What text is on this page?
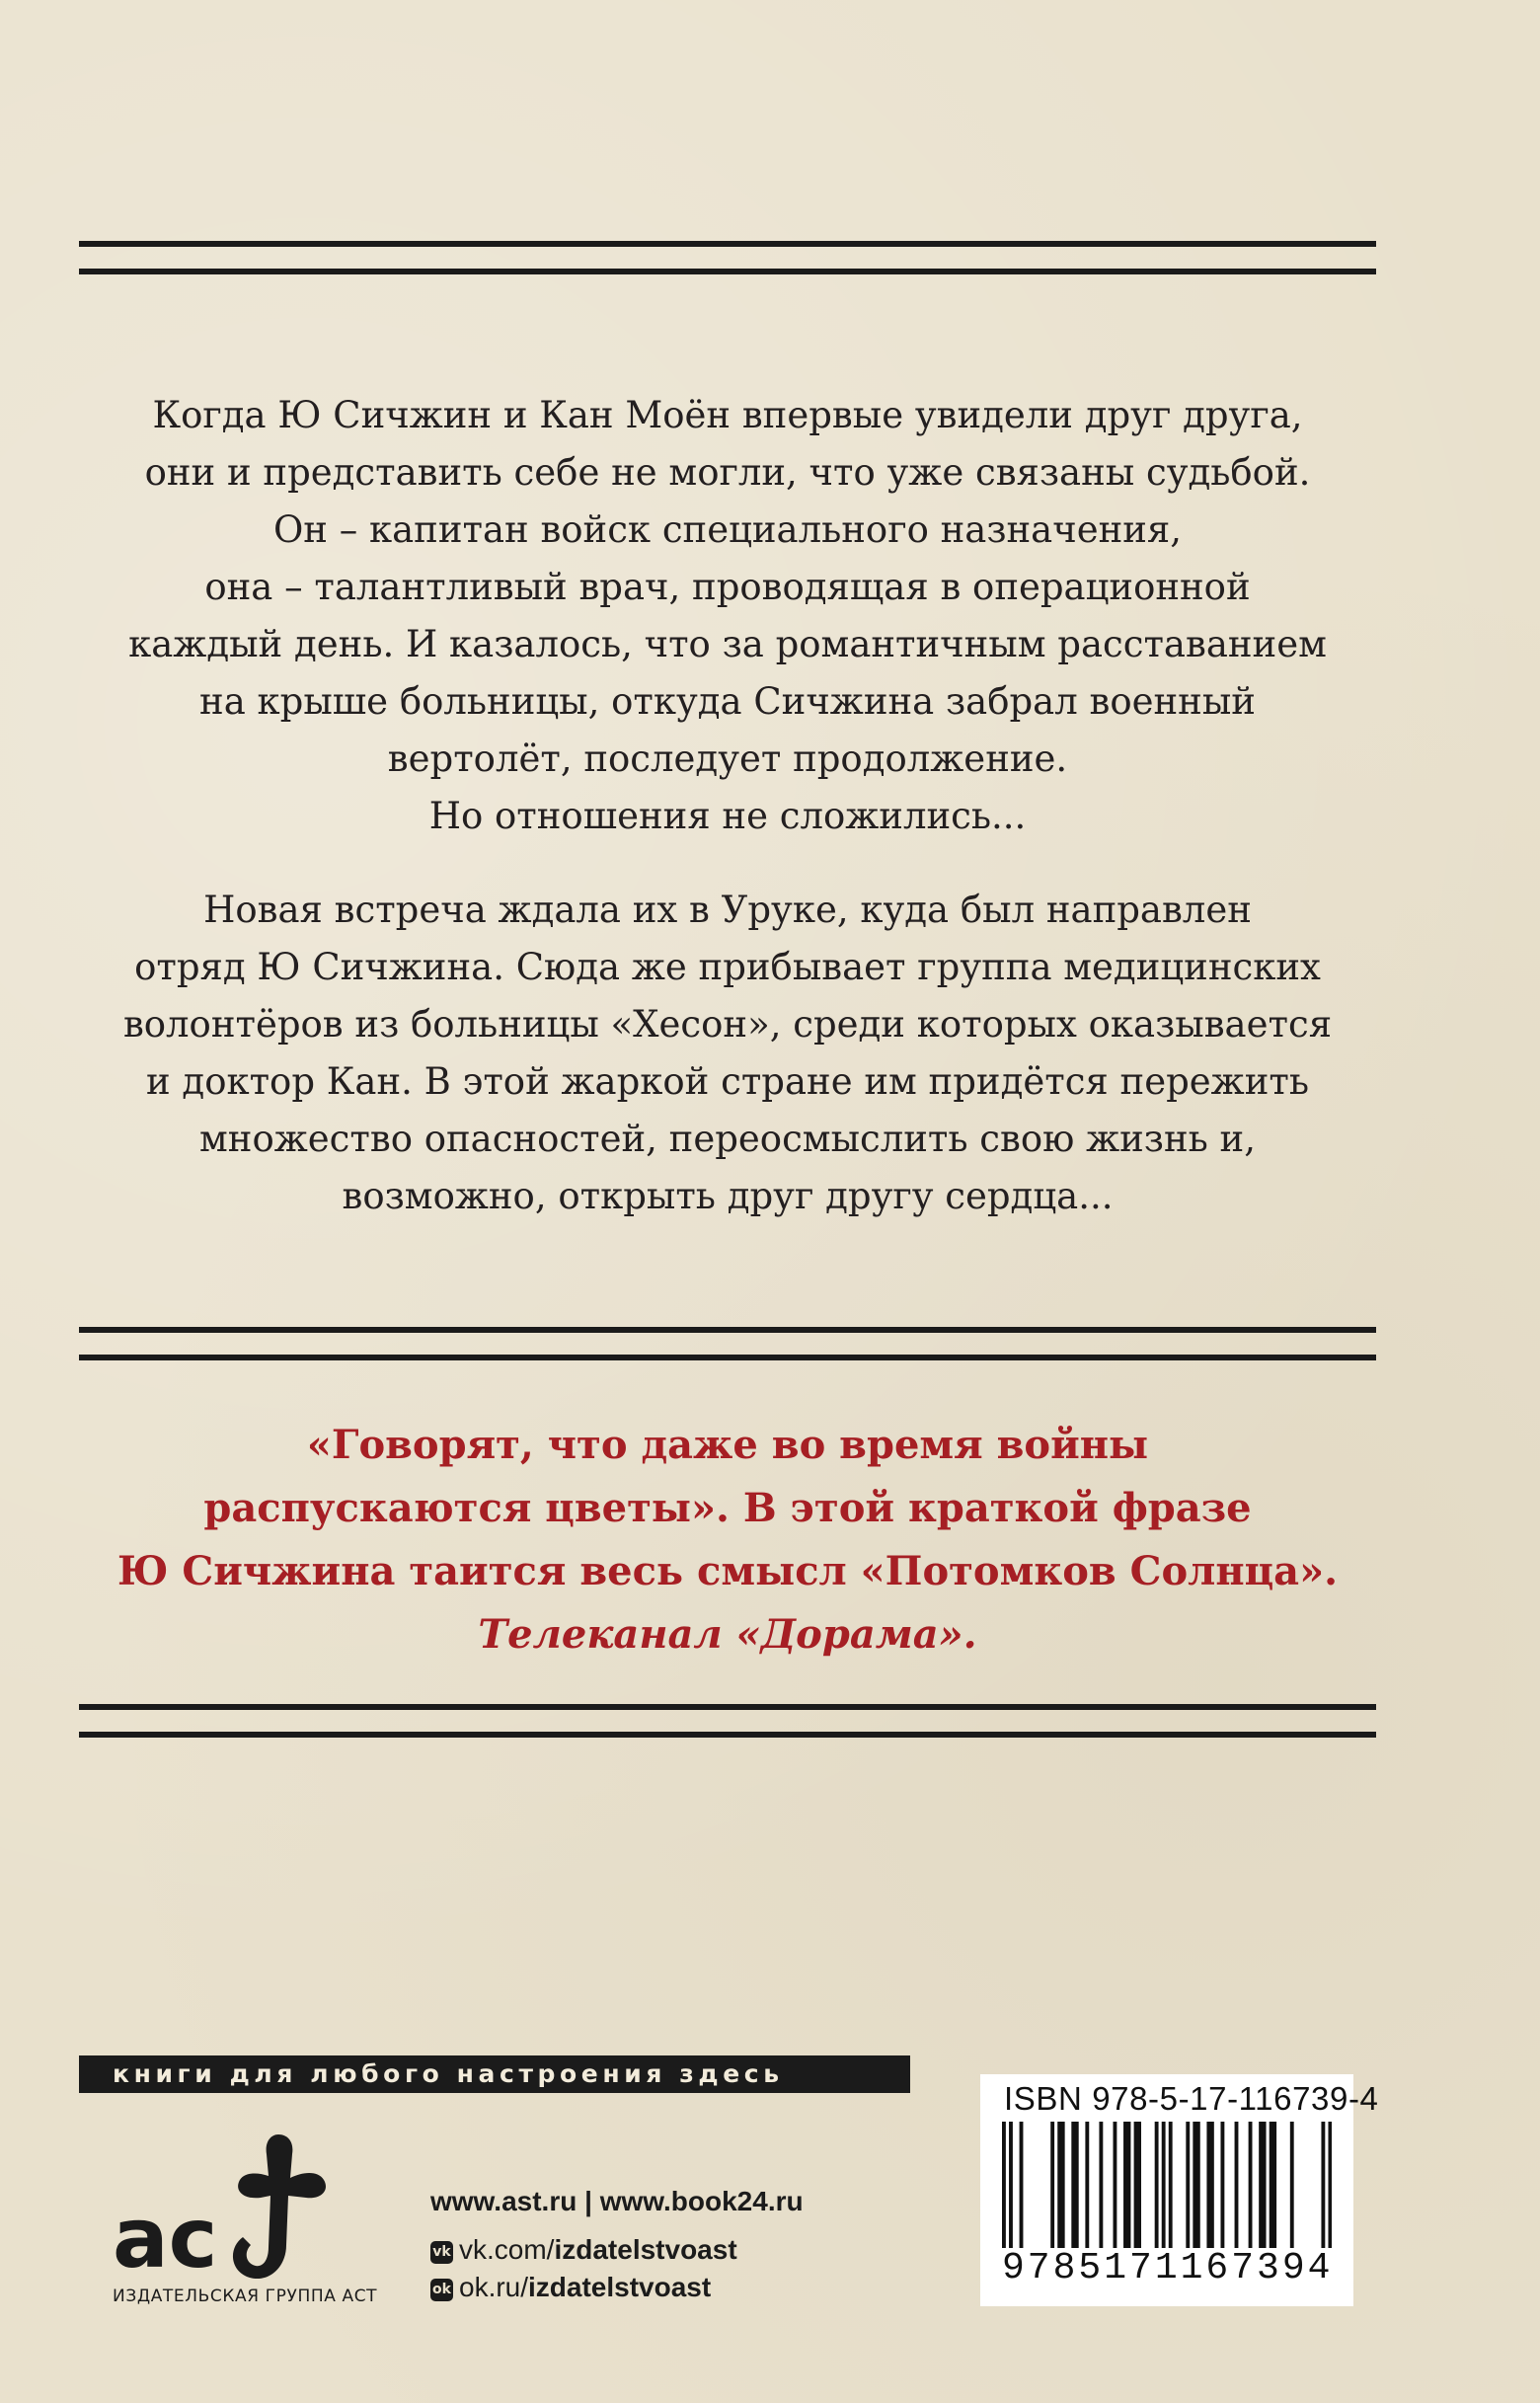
Когда Ю Сичжин и Кан Моён впервые увидели друг друга,
они и представить себе не могли, что уже связаны судьбой.
Он – капитан войск специального назначения,
она – талантливый врач, проводящая в операционной
каждый день. И казалось, что за романтичным расставанием
на крыше больницы, откуда Сичжина забрал военный
вертолёт, последует продолжение.
Но отношения не сложились...
Новая встреча ждала их в Уруке, куда был направлен
отряд Ю Сичжина. Сюда же прибывает группа медицинских
волонтёров из больницы «Хесон», среди которых оказывается
и доктор Кан. В этой жаркой стране им придётся пережить
множество опасностей, переосмыслить свою жизнь и,
возможно, открыть друг другу сердца...
«Говорят, что даже во время войны
распускаются цветы». В этой краткой фразе
Ю Сичжина таится весь смысл «Потомков Солнца».
Телеканал «Дорама».
книги для любого настроения здесь
ac
ИЗДАТЕЛЬСКАЯ ГРУППА АСТ
www.ast.ru | www.book24.ru
vk vk.com/izdatelstvoast
ok ok.ru/izdatelstvoast
ISBN 978-5-17-116739-4
9785171167394
